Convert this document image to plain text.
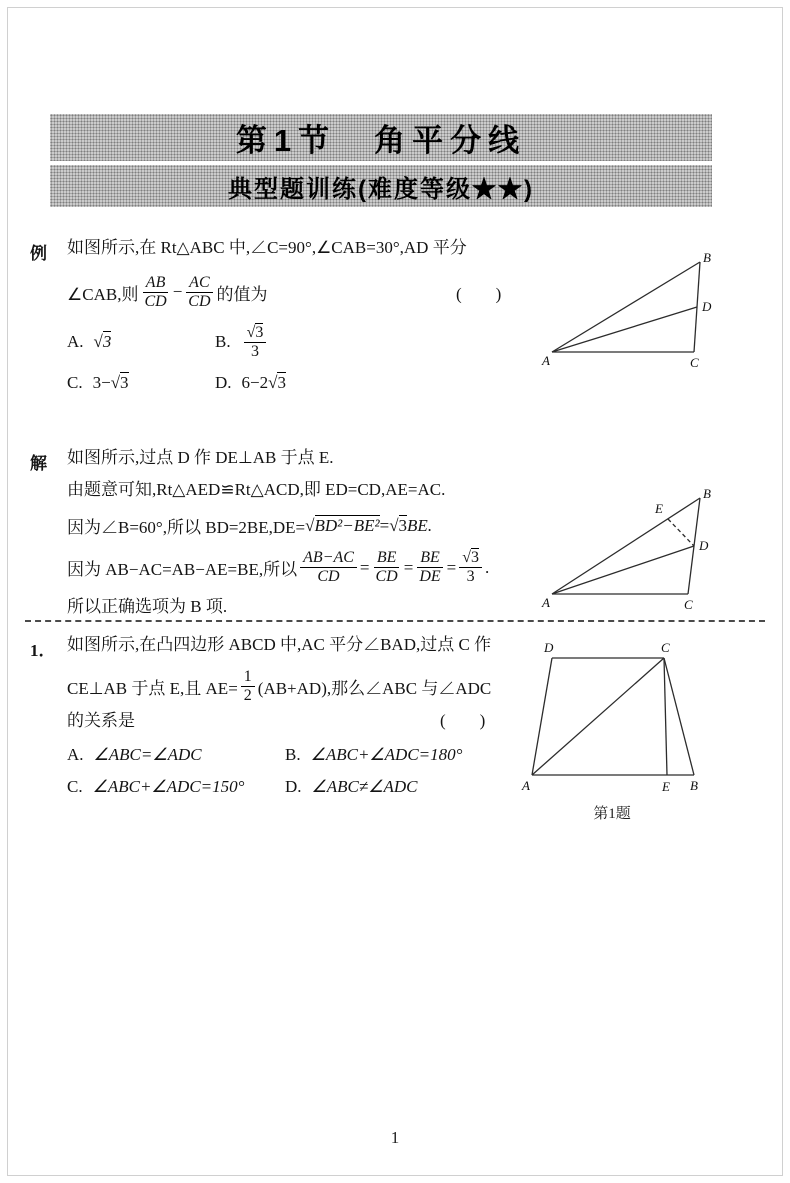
第1节　角平分线
典型题训练(难度等级★★)
例 如图所示,在 Rt△ABC 中,∠C=90°,∠CAB=30°,AD 平分
∠CAB,则 $\frac{AB}{CD} - \frac{AC}{CD}$ 的值为	(　　)
A.	√ 3	B. √ $\frac{3}{3}$
C. 3− √ 3	D. 6−2 √ 3
B
D
A	C
解 如图所示,过点 D 作 DE⊥AB 于点 E.
由题意可知,Rt△AED≌Rt△ACD,即 ED=CD,AE=AC.
因为∠B=60°,所以 BD=2BE,DE= √ BD²−BE² = √ 3 BE.
因为 AB−AC=AB−AE=BE,所以 $\frac{AB-AC}{CD} = \frac{BE}{CD} = \frac{BE}{DE}$ = √ $\frac{3}{3}$ .
所以正确选项为 B 项.
E
B
D
A	C
1． 如图所示,在凸四边形 ABCD 中,AC 平分∠BAD,过点 C 作
CE⊥AB 于点 E,且 $AE= \frac{1}{2} (AB+AD)$,那么∠ABC 与∠ADC
的关系是	(　　)
A. ∠ABC=∠ADC	B. ∠ABC+∠ADC=180°
C. ∠ABC+∠ADC=150° D. ∠ABC≠∠ADC
D	C
A	E B
第1题
1
